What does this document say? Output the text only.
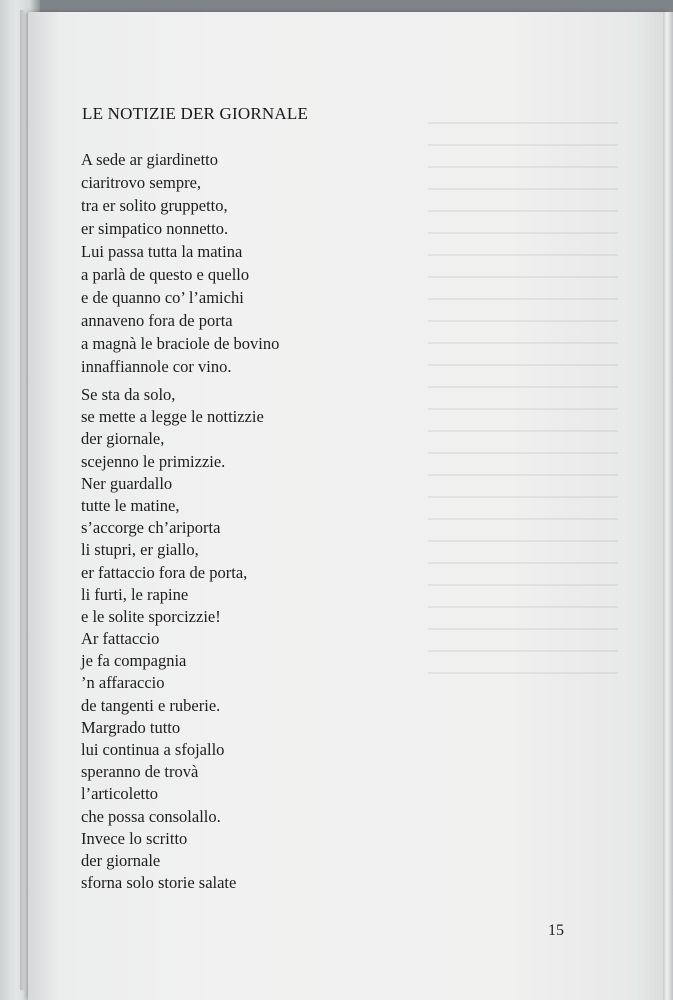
LE NOTIZIE DER GIORNALE
A sede ar giardinetto
ciaritrovo sempre,
tra er solito gruppetto,
er simpatico nonnetto.
Lui passa tutta la matina
a parlà de questo e quello
e de quanno co’ l’amichi
annaveno fora de porta
a magnà le braciole de bovino
innaffiannole cor vino.
Se sta da solo,
se mette a legge le nottizzie
der giornale,
scejenno le primizzie.
Ner guardallo
tutte le matine,
s’accorge ch’ariporta
li stupri, er giallo,
er fattaccio fora de porta,
li furti, le rapine
e le solite sporcizzie!
Ar fattaccio
je fa compagnia
’n affaraccio
de tangenti e ruberie.
Margrado tutto
lui continua a sfojallo
speranno de trovà
l’articoletto
che possa consolallo.
Invece lo scritto
der giornale
sforna solo storie salate
15
